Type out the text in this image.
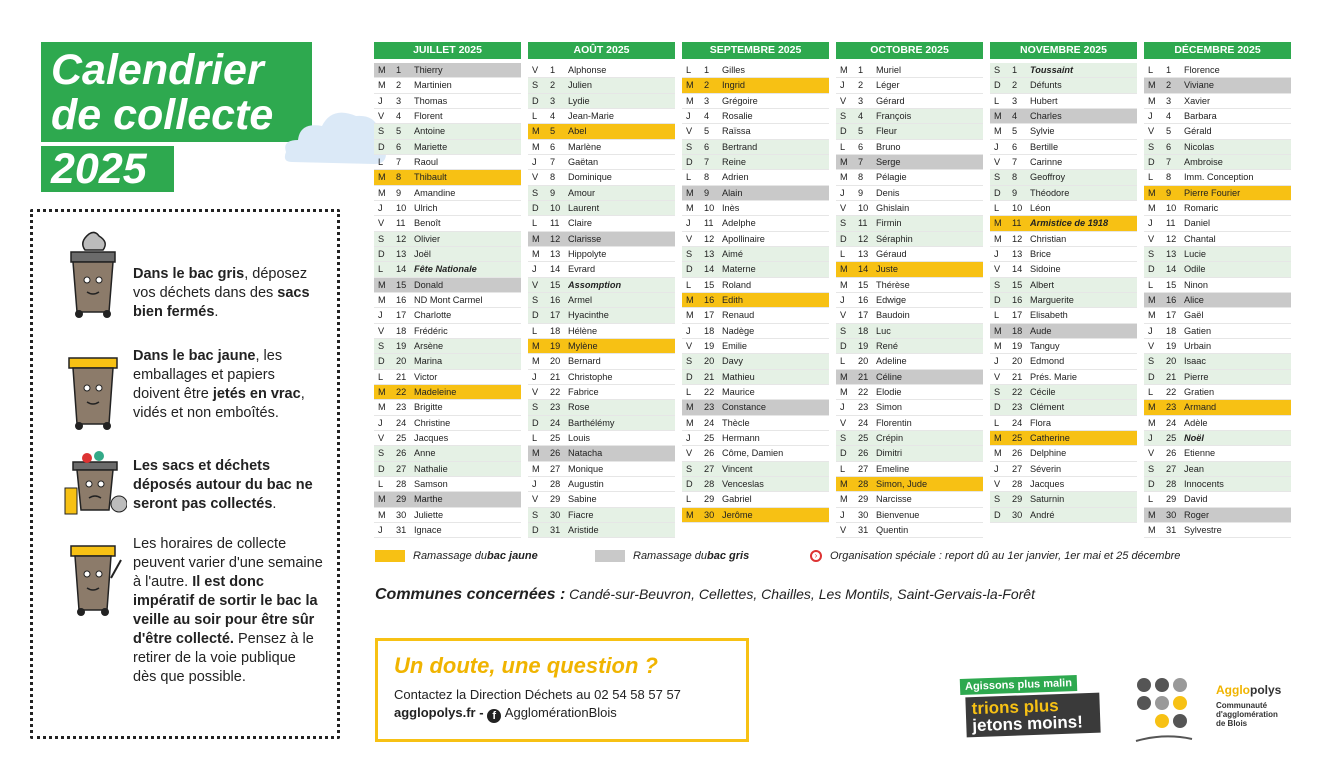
Calendrier
de collecte
2025
Dans le bac gris, déposez vos déchets dans des sacs bien fermés.
Dans le bac jaune, les emballages et papiers doivent être jetés en vrac, vidés et non emboîtés.
Les sacs et déchets déposés autour du bac ne seront pas collectés.
Les horaires de collecte peuvent varier d'une semaine à l'autre. Il est donc impératif de sortir le bac la veille au soir pour être sûr d'être collecté. Pensez à le retirer de la voie publique dès que possible.
JUILLET 2025
M	1	Thierry
M	2	Martinien
J	3	Thomas
V	4	Florent
S	5	Antoine
D	6	Mariette
L	7	Raoul
M	8	Thibault
M	9	Amandine
J	10 Ulrich
V	11 Benoît
S	12 Olivier
D	13 Joël
L	14 Fête Nationale
M	15 Donald
M	16 ND Mont Carmel
J	17 Charlotte
V	18 Frédéric
S	19 Arsène
D	20 Marina
L	21 Victor
M	22 Madeleine
M	23 Brigitte
J	24 Christine
V	25 Jacques
S	26 Anne
D	27 Nathalie
L	28 Samson
M	29 Marthe
M	30 Juliette
J	31 Ignace
AOÛT 2025
V	1	Alphonse
S	2	Julien
D	3	Lydie
L	4	Jean-Marie
M	5	Abel
M	6	Marlène
J	7	Gaëtan
V	8	Dominique
S	9	Amour
D	10 Laurent
L	11 Claire
M	12 Clarisse
M	13 Hippolyte
J	14 Evrard
V	15 Assomption
S	16 Armel
D	17 Hyacinthe
L	18 Hélène
M	19 Mylène
M	20 Bernard
J	21 Christophe
V	22 Fabrice
S	23 Rose
D	24 Barthélémy
L	25 Louis
M	26 Natacha
M	27 Monique
J	28 Augustin
V	29 Sabine
S	30 Fiacre
D	31 Aristide
SEPTEMBRE 2025
L	1	Gilles
M	2	Ingrid
M	3	Grégoire
J	4	Rosalie
V	5	Raïssa
S	6	Bertrand
D	7	Reine
L	8	Adrien
M	9	Alain
M	10 Inès
J	11 Adelphe
V	12 Apollinaire
S	13 Aimé
D	14 Materne
L	15 Roland
M	16 Edith
M	17 Renaud
J	18 Nadège
V	19 Emilie
S	20 Davy
D	21 Mathieu
L	22 Maurice
M	23 Constance
M	24 Thècle
J	25 Hermann
V	26 Côme, Damien
S	27 Vincent
D	28 Venceslas
L	29 Gabriel
M	30 Jerôme
OCTOBRE 2025
M	1	Muriel
J	2	Léger
V	3	Gérard
S	4	François
D	5	Fleur
L	6	Bruno
M	7	Serge
M	8	Pélagie
J	9	Denis
V	10 Ghislain
S	11 Firmin
D	12 Séraphin
L	13 Géraud
M	14 Juste
M	15 Thérèse
J	16 Edwige
V	17 Baudoin
S	18 Luc
D	19 René
L	20 Adeline
M	21 Céline
M	22 Elodie
J	23 Simon
V	24 Florentin
S	25 Crépin
D	26 Dimitri
L	27 Emeline
M	28 Simon, Jude
M	29 Narcisse
J	30 Bienvenue
V	31 Quentin
NOVEMBRE 2025
S	1	Toussaint
D	2	Défunts
L	3	Hubert
M	4	Charles
M	5	Sylvie
J	6	Bertille
V	7	Carinne
S	8	Geoffroy
D	9	Théodore
L	10 Léon
M	11 Armistice de 1918
M	12 Christian
J	13 Brice
V	14 Sidoine
S	15 Albert
D	16 Marguerite
L	17 Elisabeth
M	18 Aude
M	19 Tanguy
J	20 Edmond
V	21 Prés. Marie
S	22 Cécile
D	23 Clément
L	24 Flora
M	25 Catherine
M	26 Delphine
J	27 Séverin
V	28 Jacques
S	29 Saturnin
D	30 André
DÉCEMBRE 2025
L	1	Florence
M	2	Viviane
M	3	Xavier
J	4	Barbara
V	5	Gérald
S	6	Nicolas
D	7	Ambroise
L	8	Imm. Conception
M	9	Pierre Fourier
M	10 Romaric
J	11 Daniel
V	12 Chantal
S	13 Lucie
D	14 Odile
L	15 Ninon
M	16 Alice
M	17 Gaël
J	18 Gatien
V	19 Urbain
S	20 Isaac
D	21 Pierre
L	22 Gratien
M	23 Armand
M	24 Adèle
J	25 Noël
V	26 Etienne
S	27 Jean
D	28 Innocents
L	29 David
M	30 Roger
M	31 Sylvestre
Ramassage du bac jaune	Ramassage du bac gris	›	Organisation spéciale : report dû au 1er janvier, 1er mai et 25 décembre
Communes concernées : Candé-sur-Beuvron, Cellettes, Chailles, Les Montils, Saint-Gervais-la-Forêt
Un doute, une question ?
Contactez la Direction Déchets au 02 54 58 57 57
agglopolys.fr - f AgglomérationBlois
Agissons plus malin
trions plus
jetons moins!
Agglopolys
Communauté
d'agglomération
de Blois
